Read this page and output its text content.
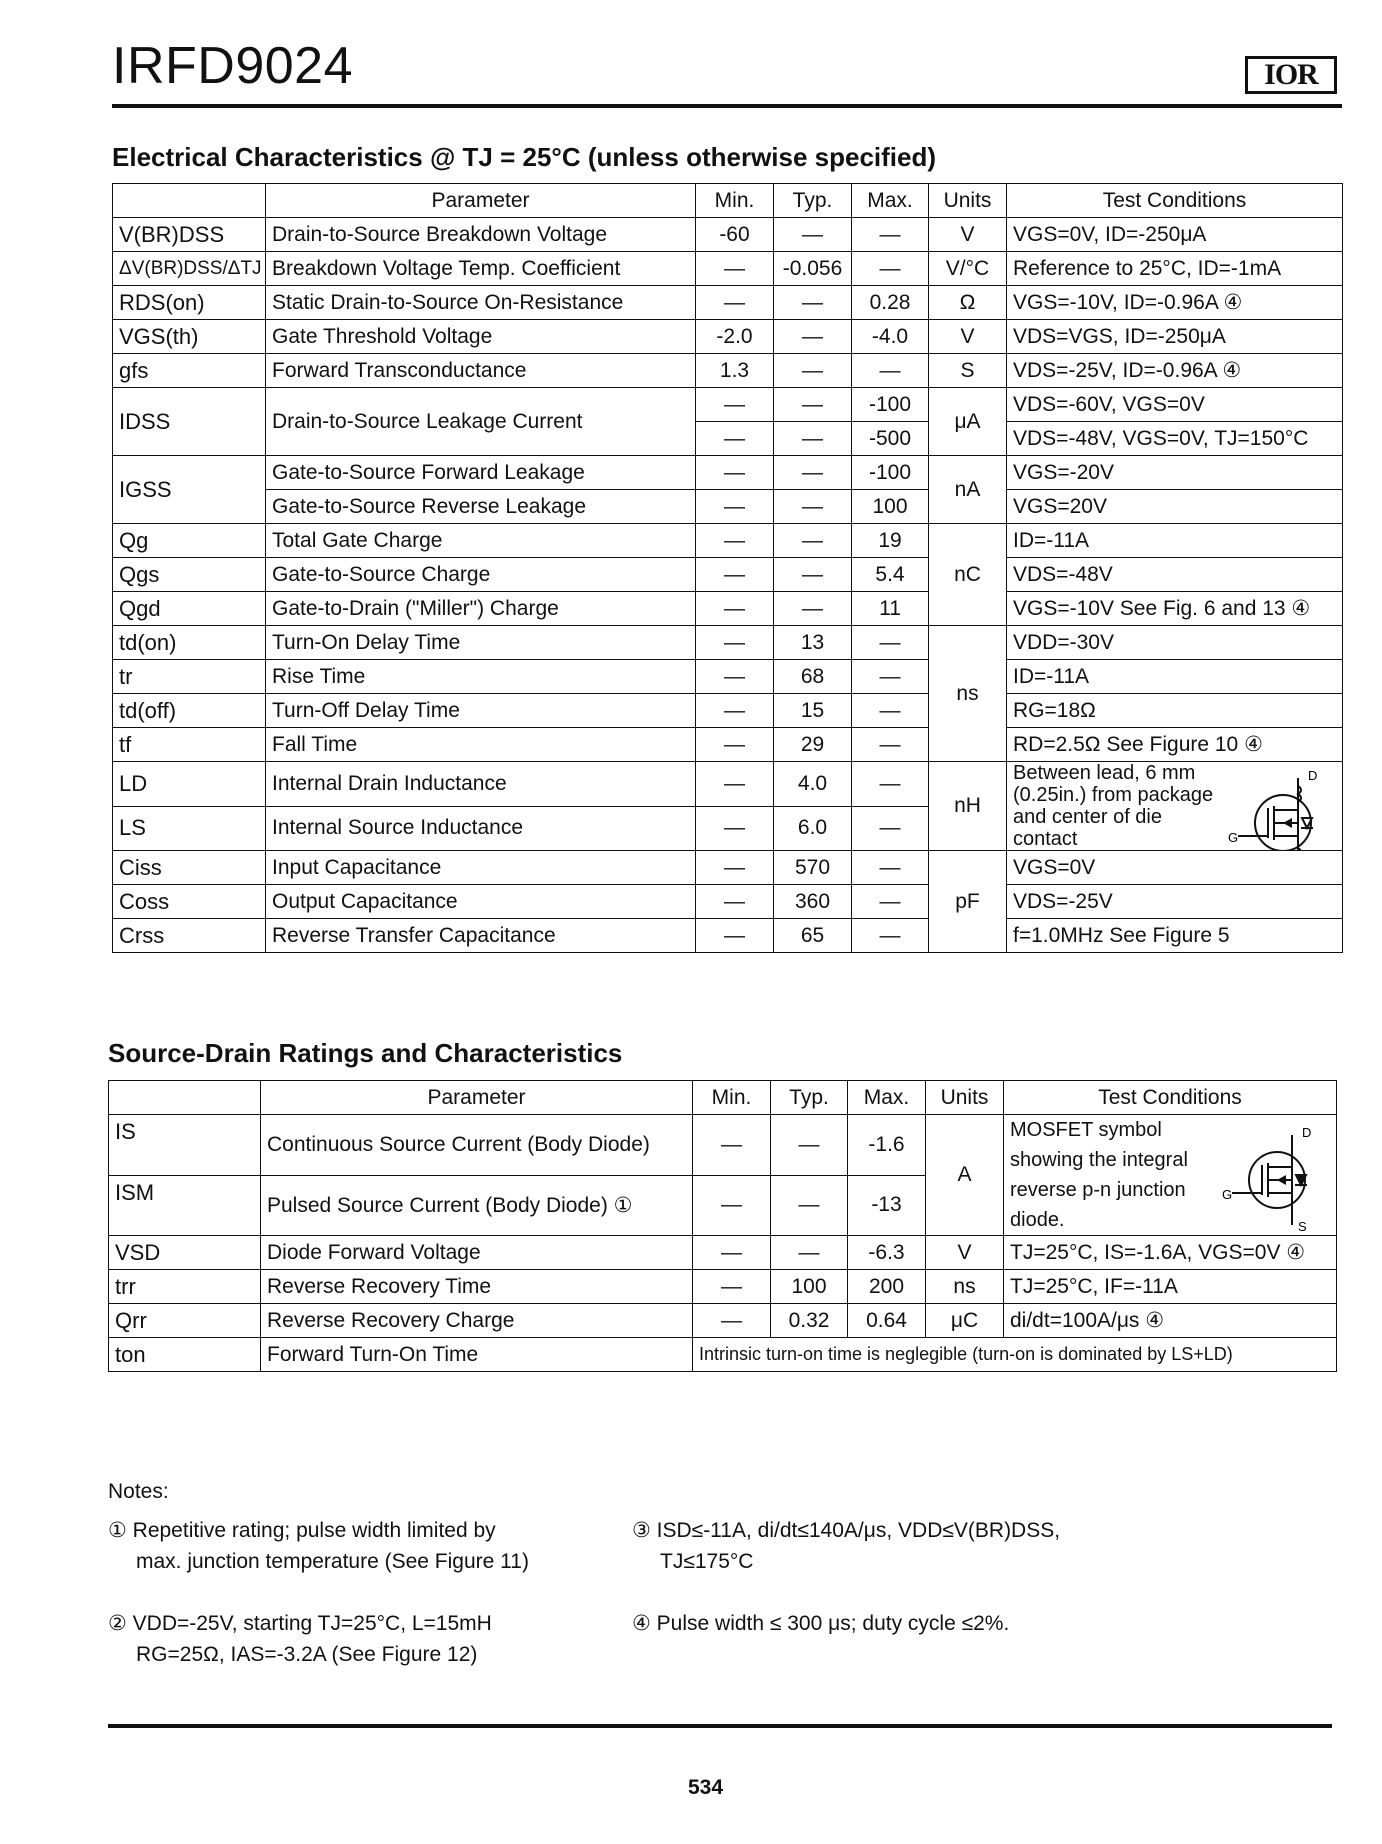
IRFD9024	IOR
Electrical Characteristics @ TJ = 25°C (unless otherwise specified)
	Parameter	Min.	Typ.	Max.	Units	Test Conditions
V(BR)DSS	Drain-to-Source Breakdown Voltage	-60	—	—	V	VGS=0V, ID=-250μA
ΔV(BR)DSS/ΔTJ	Breakdown Voltage Temp. Coefficient	—	-0.056	—	V/°C	Reference to 25°C, ID=-1mA
RDS(on)	Static Drain-to-Source On-Resistance	—	—	0.28	Ω	VGS=-10V, ID=-0.96A ④
VGS(th)	Gate Threshold Voltage	-2.0	—	-4.0	V	VDS=VGS, ID=-250μA
gfs	Forward Transconductance	1.3	—	—	S	VDS=-25V, ID=-0.96A ④
IDSS	Drain-to-Source Leakage Current	—	—	-100	μA	VDS=-60V, VGS=0V
		—	—	-500		VDS=-48V, VGS=0V, TJ=150°C
IGSS	Gate-to-Source Forward Leakage	—	—	-100	nA	VGS=-20V
	Gate-to-Source Reverse Leakage	—	—	100		VGS=20V
Qg	Total Gate Charge	—	—	19	nC	ID=-11A
Qgs	Gate-to-Source Charge	—	—	5.4		VDS=-48V
Qgd	Gate-to-Drain ("Miller") Charge	—	—	11		VGS=-10V See Fig. 6 and 13 ④
td(on)	Turn-On Delay Time	—	13	—	ns	VDD=-30V
tr	Rise Time	—	68	—		ID=-11A
td(off)	Turn-Off Delay Time	—	15	—		RG=18Ω
tf	Fall Time	—	29	—		RD=2.5Ω See Figure 10 ④
LD	Internal Drain Inductance	—	4.0	—	nH	Between lead, 6 mm (0.25in.) from package and center of die contact
D
G
S

LS	Internal Source Inductance	—	6.0	—		
Ciss	Input Capacitance	—	570	—	pF	VGS=0V
Coss	Output Capacitance	—	360	—		VDS=-25V
Crss	Reverse Transfer Capacitance	—	65	—		f=1.0MHz See Figure 5
Source-Drain Ratings and Characteristics
	Parameter	Min.	Typ.	Max.	Units	Test Conditions
IS	Continuous Source Current (Body Diode)	—	—	-1.6	A	MOSFET symbol showing the integral reverse p-n junction diode.
D
G
S

ISM	Pulsed Source Current (Body Diode) ①	—	—	-13		
VSD	Diode Forward Voltage	—	—	-6.3	V	TJ=25°C, IS=-1.6A, VGS=0V ④
trr	Reverse Recovery Time	—	100	200	ns	TJ=25°C, IF=-11A
Qrr	Reverse Recovery Charge	—	0.32	0.64	μC	di/dt=100A/μs ④
ton	Forward Turn-On Time	Intrinsic turn-on time is neglegible (turn-on is dominated by LS+LD)				
Notes:
① Repetitive rating; pulse width limited by
max. junction temperature (See Figure 11)
② VDD=-25V, starting TJ=25°C, L=15mH
RG=25Ω, IAS=-3.2A (See Figure 12)
③ ISD≤-11A, di/dt≤140A/μs, VDD≤V(BR)DSS,
TJ≤175°C
④ Pulse width ≤ 300 μs; duty cycle ≤2%.
534
